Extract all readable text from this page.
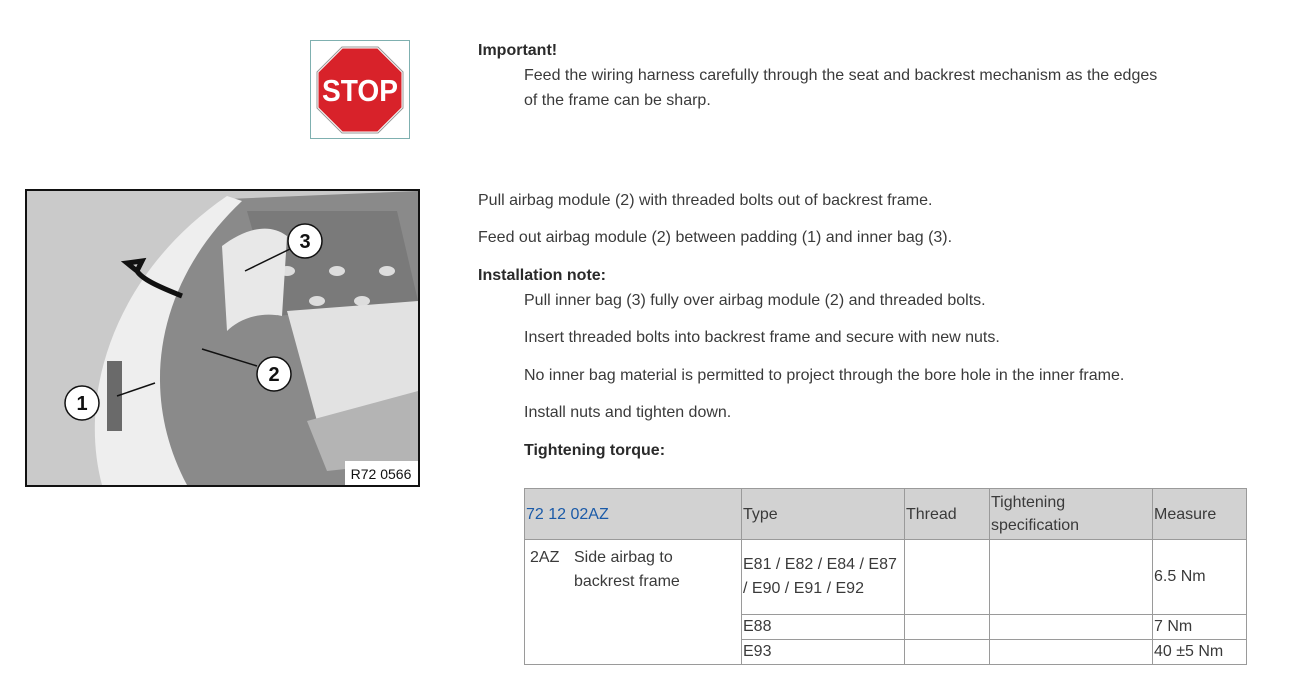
STOP
Important!
Feed the wiring harness carefully through the seat and backrest mechanism as the edges
of the frame can be sharp.
1
2
3
R72 0566
Pull airbag module (2) with threaded bolts out of backrest frame.
Feed out airbag module (2) between padding (1) and inner bag (3).
Installation note:
Pull inner bag (3) fully over airbag module (2) and threaded bolts.
Insert threaded bolts into backrest frame and secure with new nuts.
No inner bag material is permitted to project through the bore hole in the inner frame.
Install nuts and tighten down.
Tightening torque:
72 12 02AZ	Type	Thread	Tightening specification	Measure
2AZ Side airbag to
backrest frame	E81 / E82 / E84 / E87 / E90 / E91 / E92			6.5 Nm
	E88			7 Nm
	E93			40 ±5 Nm
